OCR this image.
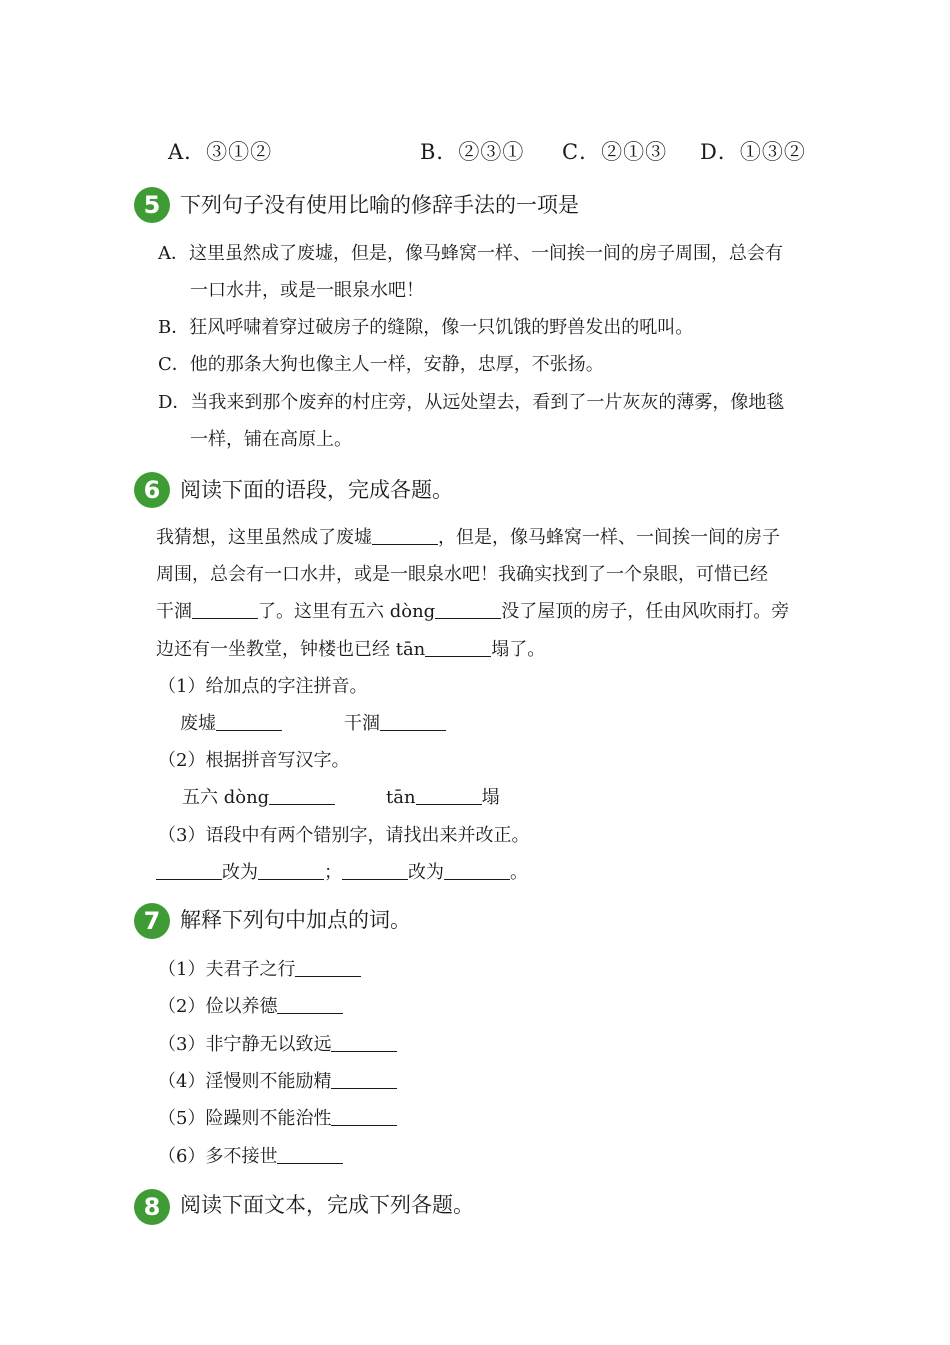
A．③①②	B．②③① C．②①③ D．①③②
5 下列句子没有使用比喻的修辞手法的一项是
A．这里虽然成了废墟，但是，像马蜂窝一样、一间挨一间的房子周围，总会有
一口水井，或是一眼泉水吧！
B．狂风呼啸着穿过破房子的缝隙，像一只饥饿的野兽发出的吼叫。
C．他的那条大狗也像主人一样，安静，忠厚，不张扬。
D．当我来到那个废弃的村庄旁，从远处望去，看到了一片灰灰的薄雾，像地毯
一样，铺在高原上。
6 阅读下面的语段，完成各题。
我猜想，这里虽然成了废墟	，但是，像马蜂窝一样、一间挨一间的房子
周围，总会有一口水井，或是一眼泉水吧！我确实找到了一个泉眼，可惜已经
干涸	了。这里有五六 dòng	没了屋顶的房子，任由风吹雨打。旁
边还有一坐教堂，钟楼也已经 tān	塌了。
（1）给加点的字注拼音。
废墟	干涸
（2）根据拼音写汉字。
五六 dòng	tān	塌
（3）语段中有两个错别字，请找出来并改正。
改为	；	改为	。
7 解释下列句中加点的词。
（1）夫君子之行
（2）俭以养德
（3）非宁静无以致远
（4）淫慢则不能励精
（5）险躁则不能治性
（6）多不接世
8 阅读下面文本，完成下列各题。
